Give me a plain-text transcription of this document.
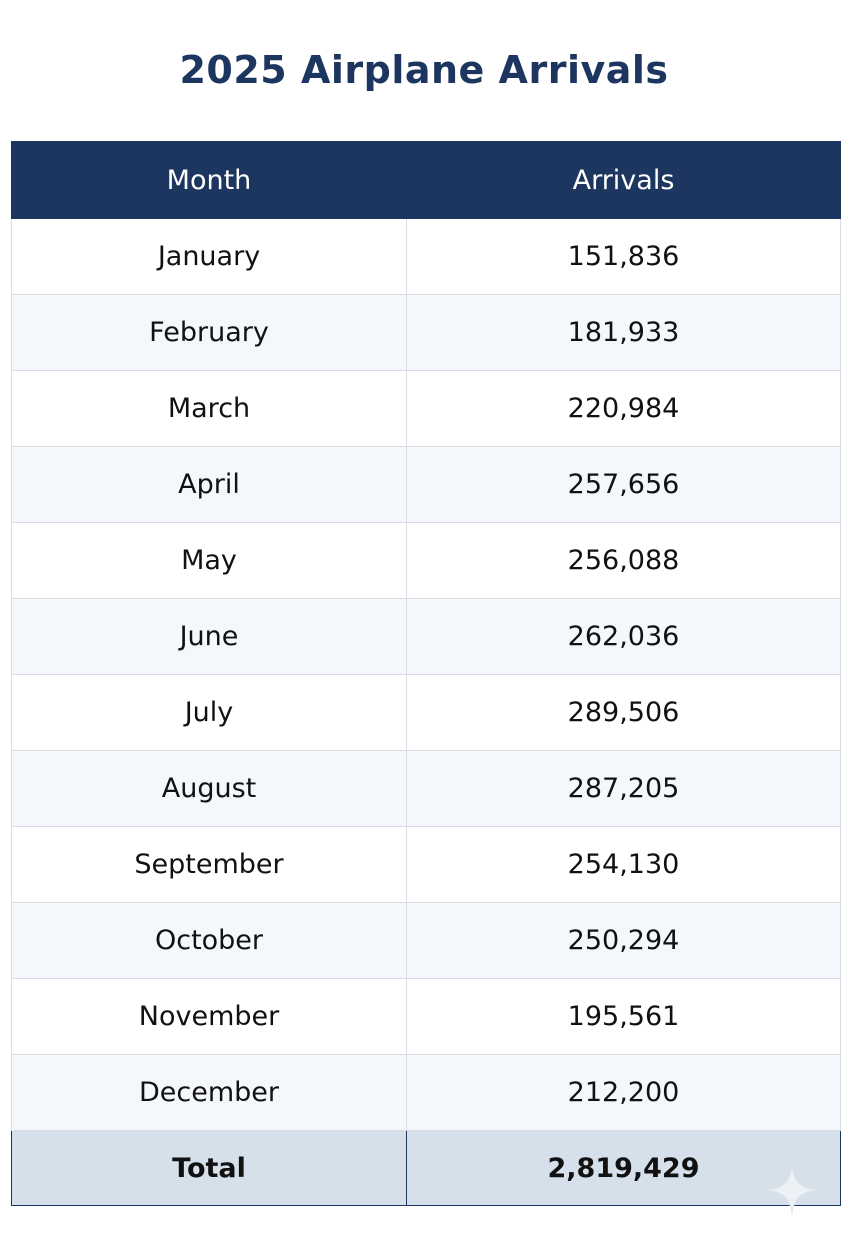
2025 Airplane Arrivals
Month	Arrivals
January	151,836
February	181,933
March	220,984
April	257,656
May	256,088
June	262,036
July	289,506
August	287,205
September	254,130
October	250,294
November	195,561
December	212,200
Total	2,819,429
